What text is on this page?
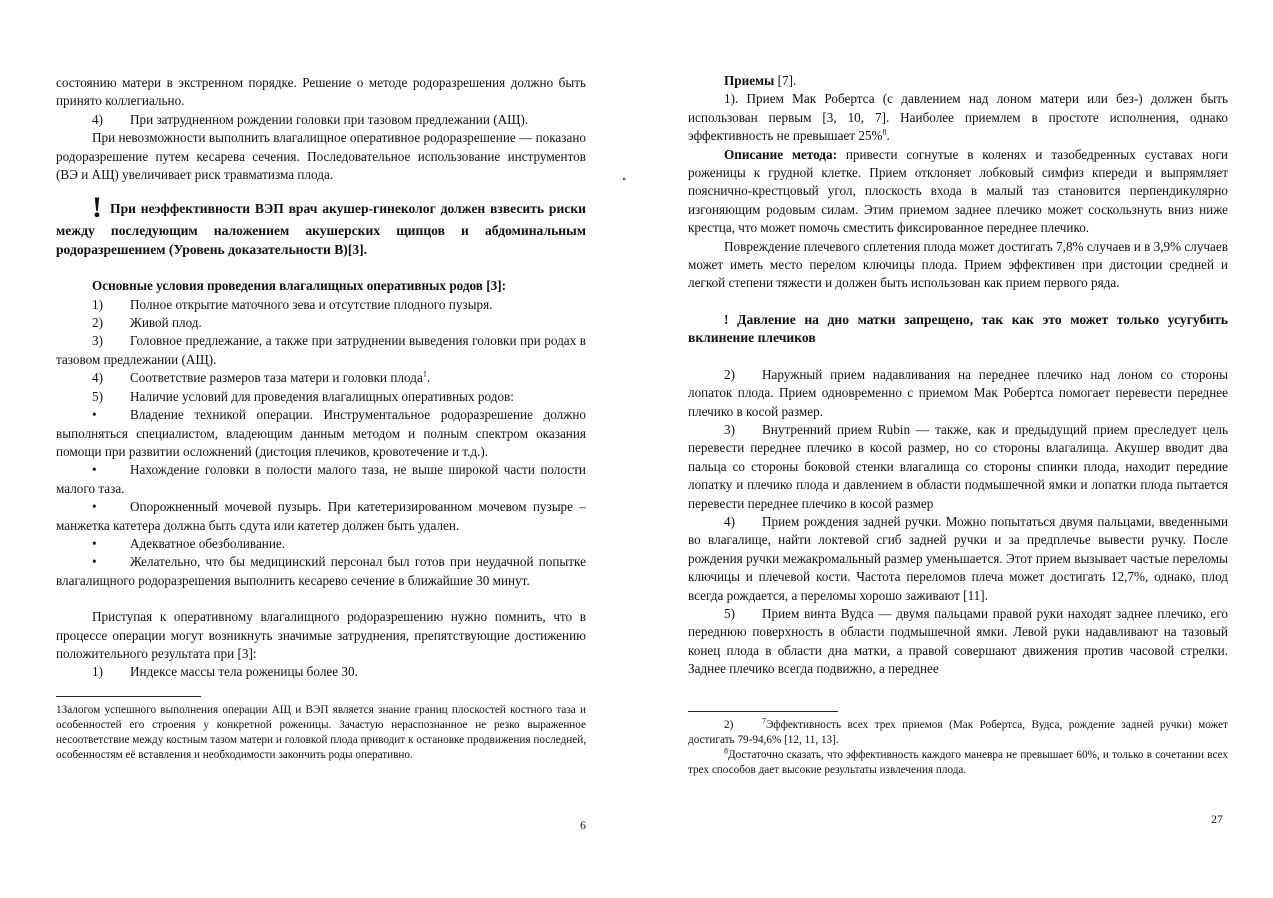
состоянию матери в экстренном порядке. Решение о методе родоразрешения должно быть принято коллегиально.

4) При затрудненном рождении головки при тазовом предлежании (АЩ).

При невозможности выполнить влагалищное оперативное родоразрешение — показано родоразрешение путем кесарева сечения. Последовательное использование инструментов (ВЭ и АЩ) увеличивает риск травматизма плода.

! При неэффективности ВЭП врач акушер-гинеколог должен взвесить риски между последующим наложением акушерских щипцов и абдоминальным родоразрешением (Уровень доказательности B)[3].

Основные условия проведения влагалищных оперативных родов [3]:

1) Полное открытие маточного зева и отсутствие плодного пузыря.

2) Живой плод.

3) Головное предлежание, а также при затруднении выведения головки при родах в тазовом предлежании (АЩ).

4) Соответствие размеров таза матери и головки плода$^1$.

5) Наличие условий для проведения влагалищных оперативных родов:

•	Владение техникой операции. Инструментальное родоразрешение должно выполняться специалистом, владеющим данным методом и полным спектром оказания помощи при развитии осложнений (дистоция плечиков, кровотечение и т.д.).

•	Нахождение головки в полости малого таза, не выше широкой части полости малого таза.

•	Опорожненный мочевой пузырь. При катетеризированном мочевом пузыре – манжетка катетера должна быть сдута или катетер должен быть удален.

•	Адекватное обезболивание.

•	Желательно, что бы медицинский персонал был готов при неудачной попытке влагалищного родоразрешения выполнить кесарево сечение в ближайшие 30 минут.

Приступая к оперативному влагалищного родоразрешению нужно помнить, что в процессе операции могут возникнуть значимые затруднения, препятствующие достижению положительного результата при [3]:

1) Индексе массы тела роженицы более 30.

1Залогом успешного выполнения операции АЩ и ВЭП является знание границ плоскостей костного таза и особенностей его строения у конкретной роженицы. Зачастую нераспознанное не резко выраженное несоответствие между костным тазом матери и головкой плода приводит к остановке продвижения последней, особенностям её вставления и необходимости закончить роды оперативно.

6
•

Приемы [7].

1). Прием Мак Робертса (с давлением над лоном матери или без-) должен быть использован первым [3, 10, 7]. Наиболее приемлем в простоте исполнения, однако эффективность не превышает 25%$^8$.

Описание метода: привести согнутые в коленях и тазобедренных суставах ноги роженицы к грудной клетке. Прием отклоняет лобковый симфиз кпереди и выпрямляет пояснично-крестцовый угол, плоскость входа в малый таз становится перпендикулярно изгоняющим родовым силам. Этим приемом заднее плечико может соскользнуть вниз ниже крестца, что может помочь сместить фиксированное переднее плечико.

Повреждение плечевого сплетения плода может достигать 7,8% случаев и в 3,9% случаев может иметь место перелом ключицы плода. Прием эффективен при дистоции средней и легкой степени тяжести и должен быть использован как прием первого ряда.

! Давление на дно матки запрещено, так как это может только усугубить вклинение плечиков

2) Наружный прием надавливания на переднее плечико над лоном со стороны лопаток плода. Прием одновременно с приемом Мак Робертса помогает перевести переднее плечико в косой размер.

3) Внутренний прием Rubin — также, как и предыдущий прием преследует цель перевести переднее плечико в косой размер, но со стороны влагалища. Акушер вводит два пальца со стороны боковой стенки влагалища со стороны спинки плода, находит передние лопатку и плечико плода и давлением в области подмышечной ямки и лопатки плода пытается перевести переднее плечико в косой размер

4) Прием рождения задней ручки. Можно попытаться двумя пальцами, введенными во влагалище, найти локтевой сгиб задней ручки и за предплечье вывести ручку. После рождения ручки межакромальный размер уменьшается. Этот прием вызывает частые переломы ключицы и плечевой кости. Частота переломов плеча может достигать 12,7%, однако, плод всегда рождается, а переломы хорошо заживают [11].

5) Прием винта Вудса — двумя пальцами правой руки находят заднее плечико, его переднюю поверхность в области подмышечной ямки. Левой руки надавливают на тазовый конец плода в области дна матки, а правой совершают движения против часовой стрелки. Заднее плечико всегда подвижно, а переднее

2)	$^7$Эффективность всех трех приемов (Мак Робертса, Вудса, рождение задней ручки) может достигать 79-94,6% [12, 11, 13].

$^8$Достаточно сказать, что эффективность каждого маневра не превышает 60%, и только в сочетании всех трех способов дает высокие результаты извлечения плода.

27
